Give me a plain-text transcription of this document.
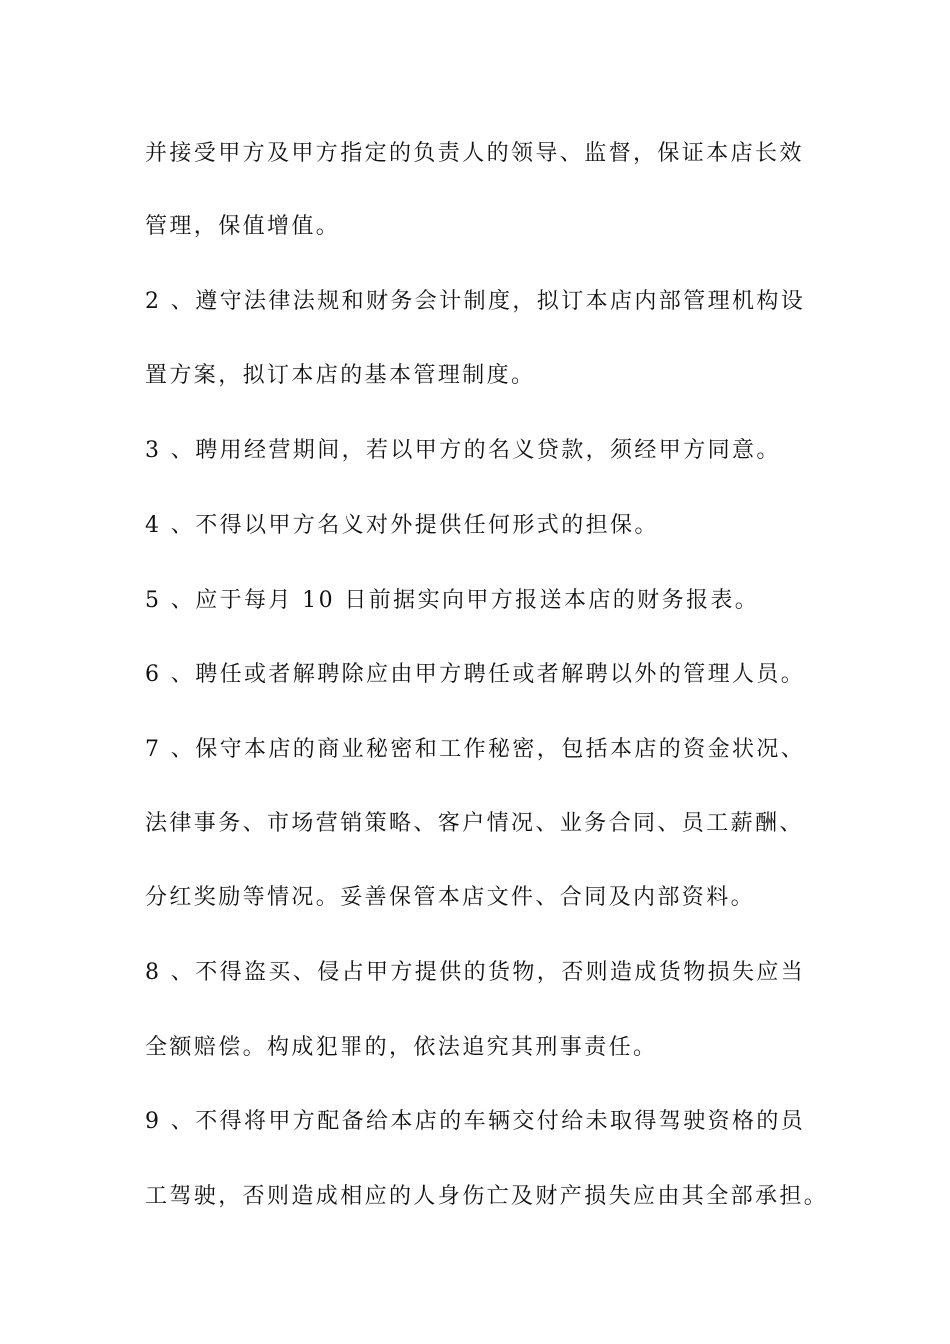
并接受甲方及甲方指定的负责人的领导、监督，保证本店长效
管理，保值增值。
2 、遵守法律法规和财务会计制度，拟订本店内部管理机构设
置方案，拟订本店的基本管理制度。
3 、聘用经营期间，若以甲方的名义贷款，须经甲方同意。
4 、不得以甲方名义对外提供任何形式的担保。
5 、应于每月 10 日前据实向甲方报送本店的财务报表。
6 、聘任或者解聘除应由甲方聘任或者解聘以外的管理人员。
7 、保守本店的商业秘密和工作秘密，包括本店的资金状况、
法律事务、市场营销策略、客户情况、业务合同、员工薪酬、
分红奖励等情况。妥善保管本店文件、合同及内部资料。
8 、不得盗买、侵占甲方提供的货物，否则造成货物损失应当
全额赔偿。构成犯罪的，依法追究其刑事责任。
9 、不得将甲方配备给本店的车辆交付给未取得驾驶资格的员
工驾驶，否则造成相应的人身伤亡及财产损失应由其全部承担。
